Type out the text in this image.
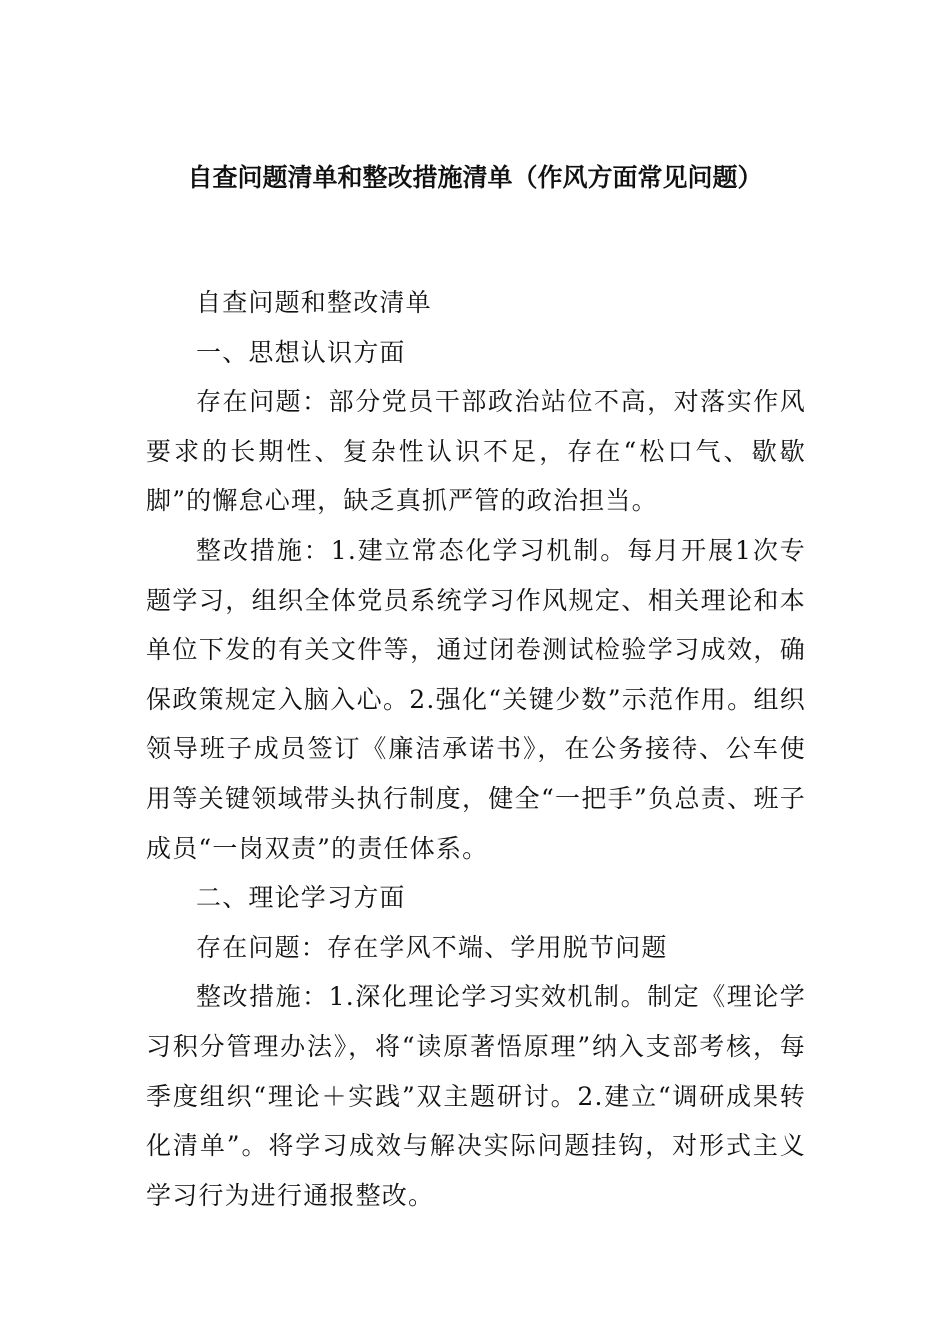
自查问题清单和整改措施清单（作风方面常见问题）

自查问题和整改清单

一、思想认识方面

存在问题：部分党员干部政治站位不高，对落实作风要求的长期性、复杂性认识不足，存在“松口气、歇歇脚”的懈怠心理，缺乏真抓严管的政治担当。

整改措施：1.建立常态化学习机制。每月开展1次专题学习，组织全体党员系统学习作风规定、相关理论和本单位下发的有关文件等，通过闭卷测试检验学习成效，确保政策规定入脑入心。2.强化“关键少数”示范作用。组织领导班子成员签订《廉洁承诺书》，在公务接待、公车使用等关键领域带头执行制度，健全“一把手”负总责、班子成员“一岗双责”的责任体系。

二、理论学习方面

存在问题：存在学风不端、学用脱节问题

整改措施：1.深化理论学习实效机制。制定《理论学习积分管理办法》，将“读原著悟原理”纳入支部考核，每季度组织“理论＋实践”双主题研讨。2.建立“调研成果转化清单”。将学习成效与解决实际问题挂钩，对形式主义学习行为进行通报整改。
